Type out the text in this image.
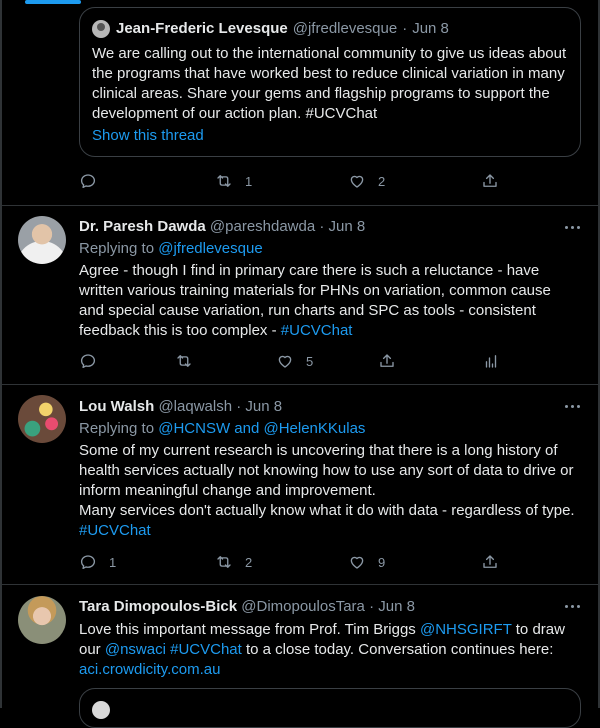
Jean-Frederic Levesque @jfredlevesque · Jun 8
We are calling out to the international community to give us ideas about the programs that have worked best to reduce clinical variation in many clinical areas. Share your gems and flagship programs to support the development of our action plan. #UCVChat
Show this thread
1	2
Dr. Paresh Dawda @pareshdawda · Jun 8
Replying to @jfredlevesque
Agree - though I find in primary care there is such a reluctance - have written various training materials for PHNs on variation, common cause and special cause variation, run charts and SPC as tools - consistent feedback this is too complex - #UCVChat
5
Lou Walsh @laqwalsh · Jun 8
Replying to @HCNSW and @HelenKKulas
Some of my current research is uncovering that there is a long history of health services actually not knowing how to use any sort of data to drive or inform meaningful change and improvement.
Many services don't actually know what it do with data - regardless of type. #UCVChat
1	2	9
Tara Dimopoulos-Bick @DimopoulosTara · Jun 8
Love this important message from Prof. Tim Briggs @NHSGIRFT to draw our @nswaci #UCVChat to a close today. Conversation continues here: aci.crowdicity.com.au
